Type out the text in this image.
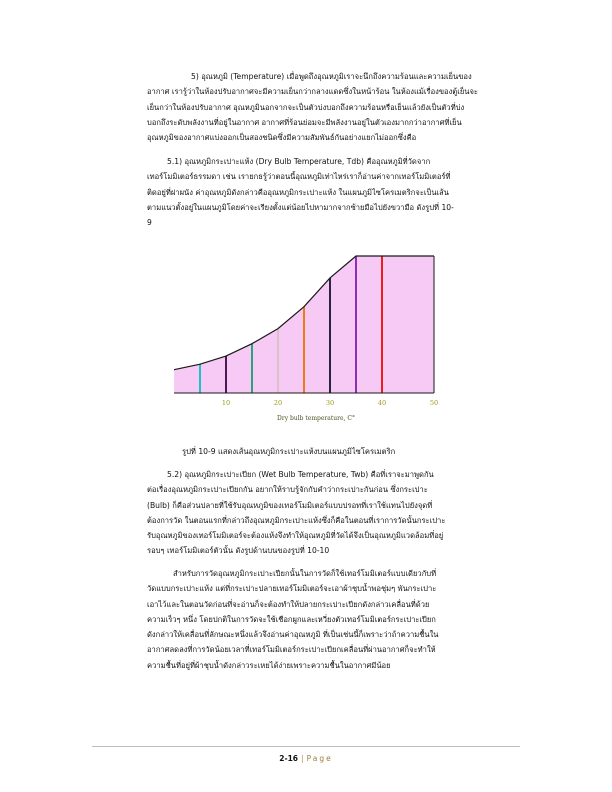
5) อุณหภูมิ (Temperature) เมื่อพูดถึงอุณหภูมิเราจะนึกถึงความร้อนและความเย็นของ
อากาศ เรารู้ว่าในห้องปรับอากาศจะมีความเย็นกว่ากลางแดดซึ่งในหน้าร้อน ในห้องแม้เรื่องของตู้เย็นจะ
เย็นกว่าในห้องปรับอากาศ อุณหภูมินอกจากจะเป็นตัวบ่งบอกถึงความร้อนหรือเย็นแล้วยังเป็นตัวที่บ่ง
บอกถึงระดับพลังงานที่อยู่ในอากาศ อากาศที่ร้อนย่อมจะมีพลังงานอยู่ในตัวเองมากกว่าอากาศที่เย็น
อุณหภูมิของอากาศแบ่งออกเป็นสองชนิดซึ่งมีความสัมพันธ์กันอย่างแยกไม่ออกซึ่งคือ
5.1) อุณหภูมิกระเปาะแห้ง (Dry Bulb Temperature, Tdb) คืออุณหภูมิที่วัดจาก
เทอร์โมมิเตอร์ธรรมดา เช่น เรายกธรู้ว่าตอนนี้อุณหภูมิเท่าไหร่เราก็อ่านค่าจากเทอร์โมมิเตอร์ที่
ติดอยู่ที่ฝาผนัง ค่าอุณหภูมิดังกล่าวคืออุณหภูมิกระเปาะแห้ง ในแผนภูมิไซโครเมตริกจะเป็นเส้น
ตามแนวตั้งอยู่ในแผนภูมิโดยค่าจะเรียงตั้งแต่น้อยไปหามากจากซ้ายมือไปยังขวามือ ดังรูปที่ 10-
9
10	20	30	40	50
Dry bulb temperature, C°
รูปที่ 10-9 แสดงเส้นอุณหภูมิกระเปาะแห้งบนแผนภูมิไซโครเมตริก
5.2) อุณหภูมิกระเปาะเปียก (Wet Bulb Temperature, Twb) คือที่เราจะมาพูดกัน
ต่อเรื่องอุณหภูมิกระเปาะเปียกกัน อยากให้ราบรู้จักกับคำว่ากระเปาะกันก่อน ซึ่งกระเปาะ
(Bulb) ก็คือส่วนปลายที่ใช้รับอุณหภูมิของเทอร์โมมิเตอร์แบบปรอทที่เราใช้แทนไปยังจุดที่
ต้องการวัด ในตอนแรกที่กล่าวถึงอุณหภูมิกระเปาะแห้งซึ่งก็คือในตอนที่เราการวัดนั้นกระเปาะ
รับอุณหภูมิของเทอร์โมมิเตอร์จะต้องแห้งจึงทำให้อุณหภูมิที่วัดได้จึงเป็นอุณหภูมิแวดล้อมที่อยู่
รอบๆ เทอร์โมมิเตอร์ตัวนั้น ดังรูปด้านบนของรูปที่ 10-10
สำหรับการวัดอุณหภูมิกระเปาะเปียกนั้นในการวัดก็ใช้เทอร์โมมิเตอร์แบบเดียวกับที่
วัดแบบกระเปาะแห้ง แต่ที่กระเปาะปลายเทอร์โมมิเตอร์จะเอาผ้าชุบน้ำพอชุ่มๆ พันกระเปาะ
เอาไว้และในตอนวัดก่อนที่จะอ่านก็จะต้องทำให้ปลายกระเปาะเปียกดังกล่าวเคลื่อนที่ด้วย
ความเร็วๆ หนึ่ง โดยปกติในการวัดจะใช้เชือกผูกและเหวี่ยงตัวเทอร์โมมิเตอร์กระเปาะเปียก
ดังกล่าวให้เคลื่อนที่ลักษณะหนึ่งแล้วจึงอ่านค่าอุณหภูมิ ที่เป็นเช่นนี้ก็เพราะว่าถ้าความชื้นใน
อากาศลดลงที่การวัดน้อยเวลาที่เทอร์โมมิเตอร์กระเปาะเปียกเคลื่อนที่ผ่านอากาศก็จะทำให้
ความชื้นที่อยู่ที่ผ้าชุบน้ำดังกล่าวระเหยได้ง่ายเพราะความชื้นในอากาศมีน้อย
2-16 | Page
